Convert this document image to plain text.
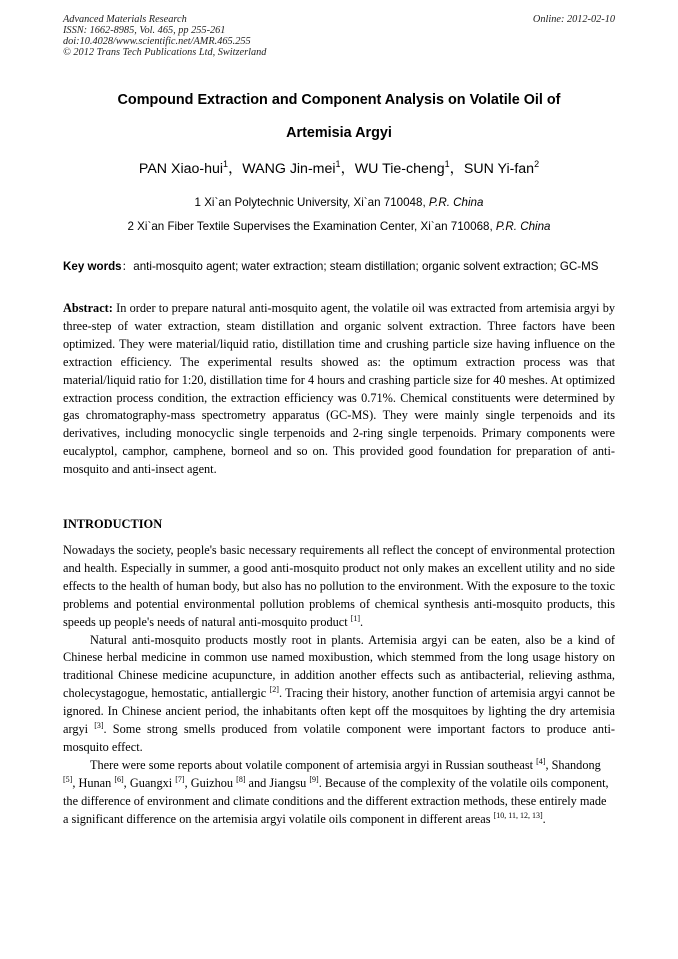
Advanced Materials Research
ISSN: 1662-8985, Vol. 465, pp 255-261
doi:10.4028/www.scientific.net/AMR.465.255
© 2012 Trans Tech Publications Ltd, Switzerland
Online: 2012-02-10
Compound Extraction and Component Analysis on Volatile Oil of
Artemisia Argyi
PAN Xiao-hui$^1$，WANG Jin-mei$^1$，WU Tie-cheng$^1$，SUN Yi-fan$^2$
1 Xi`an Polytechnic University, Xi`an 710048, P.R. China
2 Xi`an Fiber Textile Supervises the Examination Center, Xi`an 710068, P.R. China
Key words：anti-mosquito agent; water extraction; steam distillation; organic solvent extraction; GC-MS
Abstract: In order to prepare natural anti-mosquito agent, the volatile oil was extracted from artemisia argyi by three-step of water extraction, steam distillation and organic solvent extraction. Three factors have been optimized. They were material/liquid ratio, distillation time and crushing particle size having influence on the extraction efficiency. The experimental results showed as: the optimum extraction process was that material/liquid ratio for 1:20, distillation time for 4 hours and crashing particle size for 40 meshes. At optimized extraction process condition, the extraction efficiency was 0.71%. Chemical constituents were determined by gas chromatography-mass spectrometry apparatus (GC-MS). They were mainly single terpenoids and its derivatives, including monocyclic single terpenoids and 2-ring single terpenoids. Primary components were eucalyptol, camphor, camphene, borneol and so on. This provided good foundation for preparation of anti-mosquito and anti-insect agent.
INTRODUCTION

Nowadays the society, people's basic necessary requirements all reflect the concept of environmental protection and health. Especially in summer, a good anti-mosquito product not only makes an excellent utility and no side effects to the health of human body, but also has no pollution to the environment. With the exposure to the toxic problems and potential environmental pollution problems of chemical synthesis anti-mosquito products, this speeds up people's needs of natural anti-mosquito product [1].

Natural anti-mosquito products mostly root in plants. Artemisia argyi can be eaten, also be a kind of Chinese herbal medicine in common use named moxibustion, which stemmed from the long usage history on traditional Chinese medicine acupuncture, in addition another effects such as antibacterial, relieving asthma, cholecystagogue, hemostatic, antiallergic [2]. Tracing their history, another function of artemisia argyi cannot be ignored. In Chinese ancient period, the inhabitants often kept off the mosquitoes by lighting the dry artemisia argyi [3]. Some strong smells produced from volatile component were important factors to produce anti-mosquito effect.

There were some reports about volatile component of artemisia argyi in Russian southeast [4], Shandong [5], Hunan [6], Guangxi [7], Guizhou [8] and Jiangsu [9]. Because of the complexity of the volatile oils component, the difference of environment and climate conditions and the different extraction methods, these entirely made a significant difference on the artemisia argyi volatile oils component in different areas [10, 11, 12, 13].
